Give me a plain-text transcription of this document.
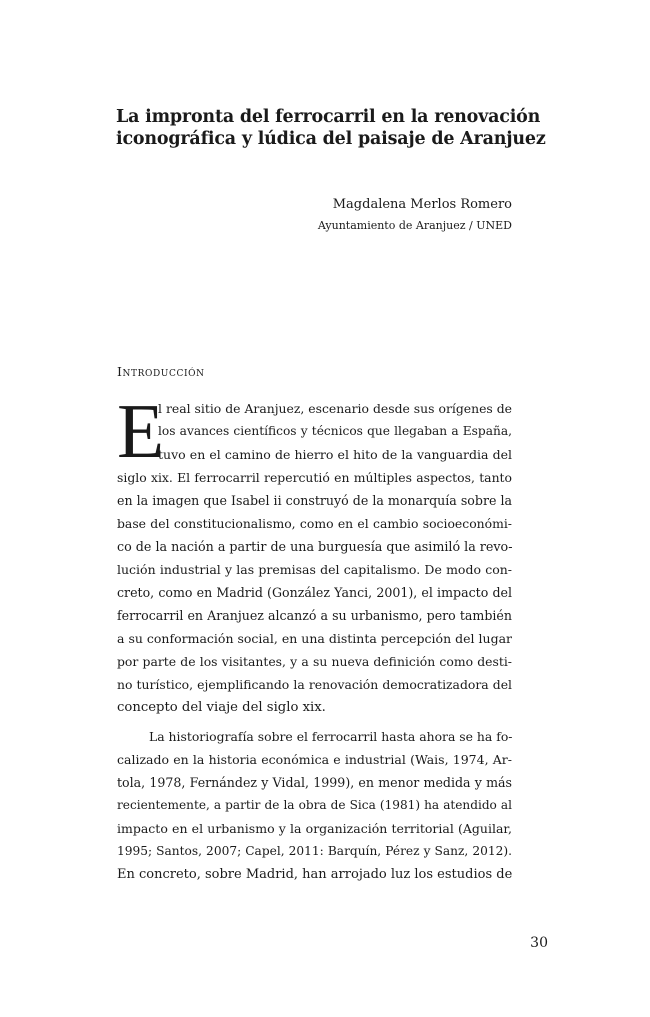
La impronta del ferrocarril en la renovación
iconográfica y lúdica del paisaje de Aranjuez
Magdalena Merlos Romero
Ayuntamiento de Aranjuez / UNED
Introducción
E
l real sitio de Aranjuez, escenario desde sus orígenes de
los avances científicos y técnicos que llegaban a España,
tuvo en el camino de hierro el hito de la vanguardia del
siglo xix. El ferrocarril repercutió en múltiples aspectos, tanto
en la imagen que Isabel ii construyó de la monarquía sobre la
base del constitucionalismo, como en el cambio socioeconómi-
co de la nación a partir de una burguesía que asimiló la revo-
lución industrial y las premisas del capitalismo. De modo con-
creto, como en Madrid (González Yanci, 2001), el impacto del
ferrocarril en Aranjuez alcanzó a su urbanismo, pero también
a su conformación social, en una distinta percepción del lugar
por parte de los visitantes, y a su nueva definición como desti-
no turístico, ejemplificando la renovación democratizadora del
concepto del viaje del siglo xix.
La historiografía sobre el ferrocarril hasta ahora se ha fo-
calizado en la historia económica e industrial (Wais, 1974, Ar-
tola, 1978, Fernández y Vidal, 1999), en menor medida y más
recientemente, a partir de la obra de Sica (1981) ha atendido al
impacto en el urbanismo y la organización territorial (Aguilar,
1995; Santos, 2007; Capel, 2011: Barquín, Pérez y Sanz, 2012).
En concreto, sobre Madrid, han arrojado luz los estudios de
30
